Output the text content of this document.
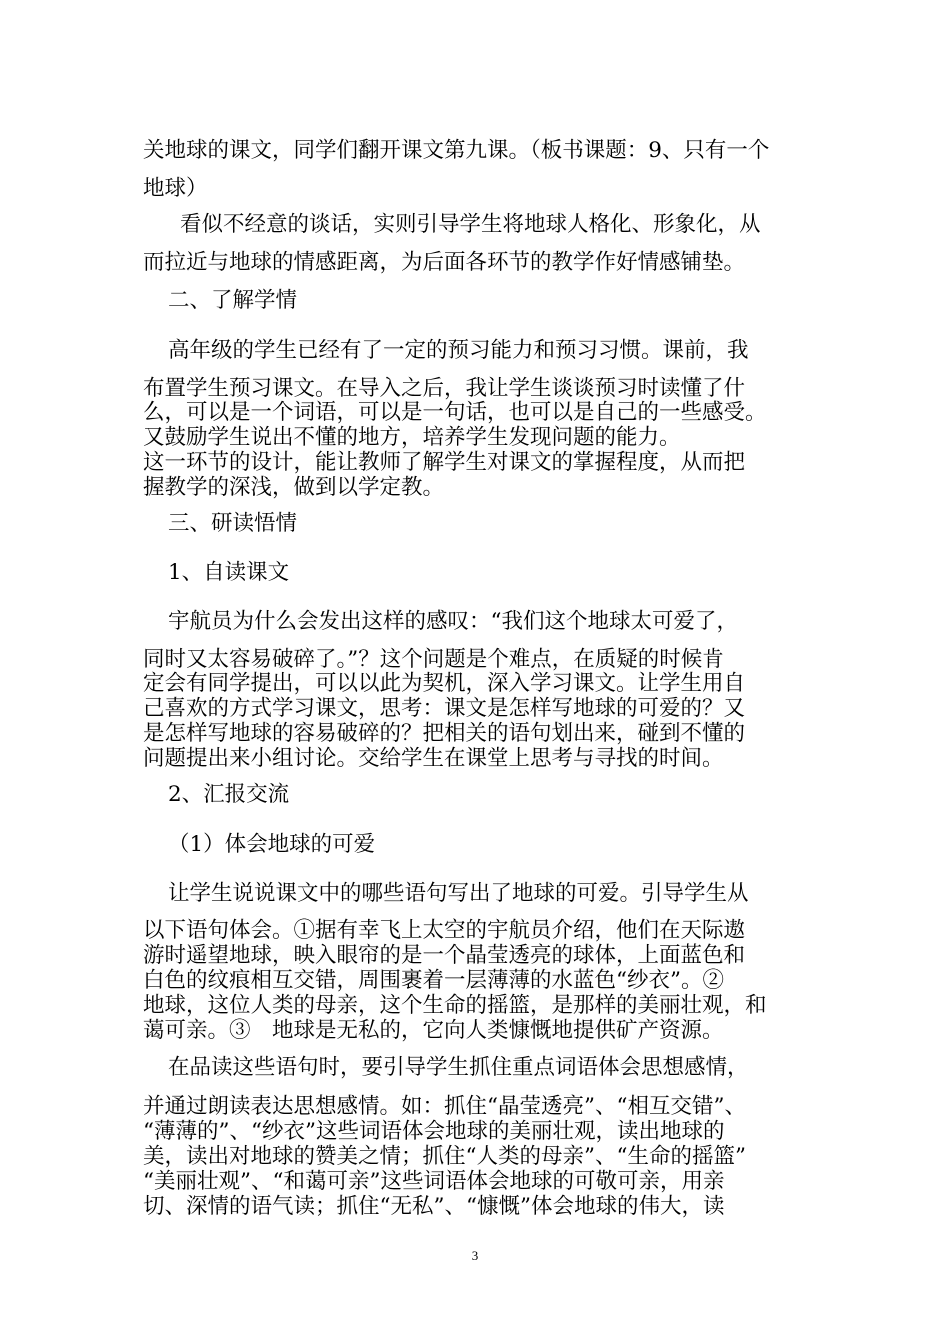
关地球的课文，同学们翻开课文第九课。（板书课题：9、只有一个
地球）
看似不经意的谈话，实则引导学生将地球人格化、形象化，从
而拉近与地球的情感距离，为后面各环节的教学作好情感铺垫。
二、了解学情
高年级的学生已经有了一定的预习能力和预习习惯。课前，我
布置学生预习课文。在导入之后，我让学生谈谈预习时读懂了什
么，可以是一个词语，可以是一句话，也可以是自己的一些感受。
又鼓励学生说出不懂的地方，培养学生发现问题的能力。
这一环节的设计，能让教师了解学生对课文的掌握程度，从而把
握教学的深浅，做到以学定教。
三、研读悟情
1、自读课文
宇航员为什么会发出这样的感叹：“我们这个地球太可爱了，
同时又太容易破碎了。”？这个问题是个难点，在质疑的时候肯
定会有同学提出，可以以此为契机，深入学习课文。让学生用自
己喜欢的方式学习课文，思考：课文是怎样写地球的可爱的？又
是怎样写地球的容易破碎的？把相关的语句划出来，碰到不懂的
问题提出来小组讨论。交给学生在课堂上思考与寻找的时间。
2、汇报交流
（1）体会地球的可爱
让学生说说课文中的哪些语句写出了地球的可爱。引导学生从
以下语句体会。①据有幸飞上太空的宇航员介绍，他们在天际遨
游时遥望地球，映入眼帘的是一个晶莹透亮的球体，上面蓝色和
白色的纹痕相互交错，周围裹着一层薄薄的水蓝色“纱衣”。②
地球，这位人类的母亲，这个生命的摇篮，是那样的美丽壮观，和
蔼可亲。③　地球是无私的，它向人类慷慨地提供矿产资源。
在品读这些语句时，要引导学生抓住重点词语体会思想感情，
并通过朗读表达思想感情。如：抓住“晶莹透亮”、“相互交错”、
“薄薄的”、“纱衣”这些词语体会地球的美丽壮观，读出地球的
美，读出对地球的赞美之情；抓住“人类的母亲”、“生命的摇篮”
“美丽壮观”、“和蔼可亲”这些词语体会地球的可敬可亲，用亲
切、深情的语气读；抓住“无私”、“慷慨”体会地球的伟大，读
3
